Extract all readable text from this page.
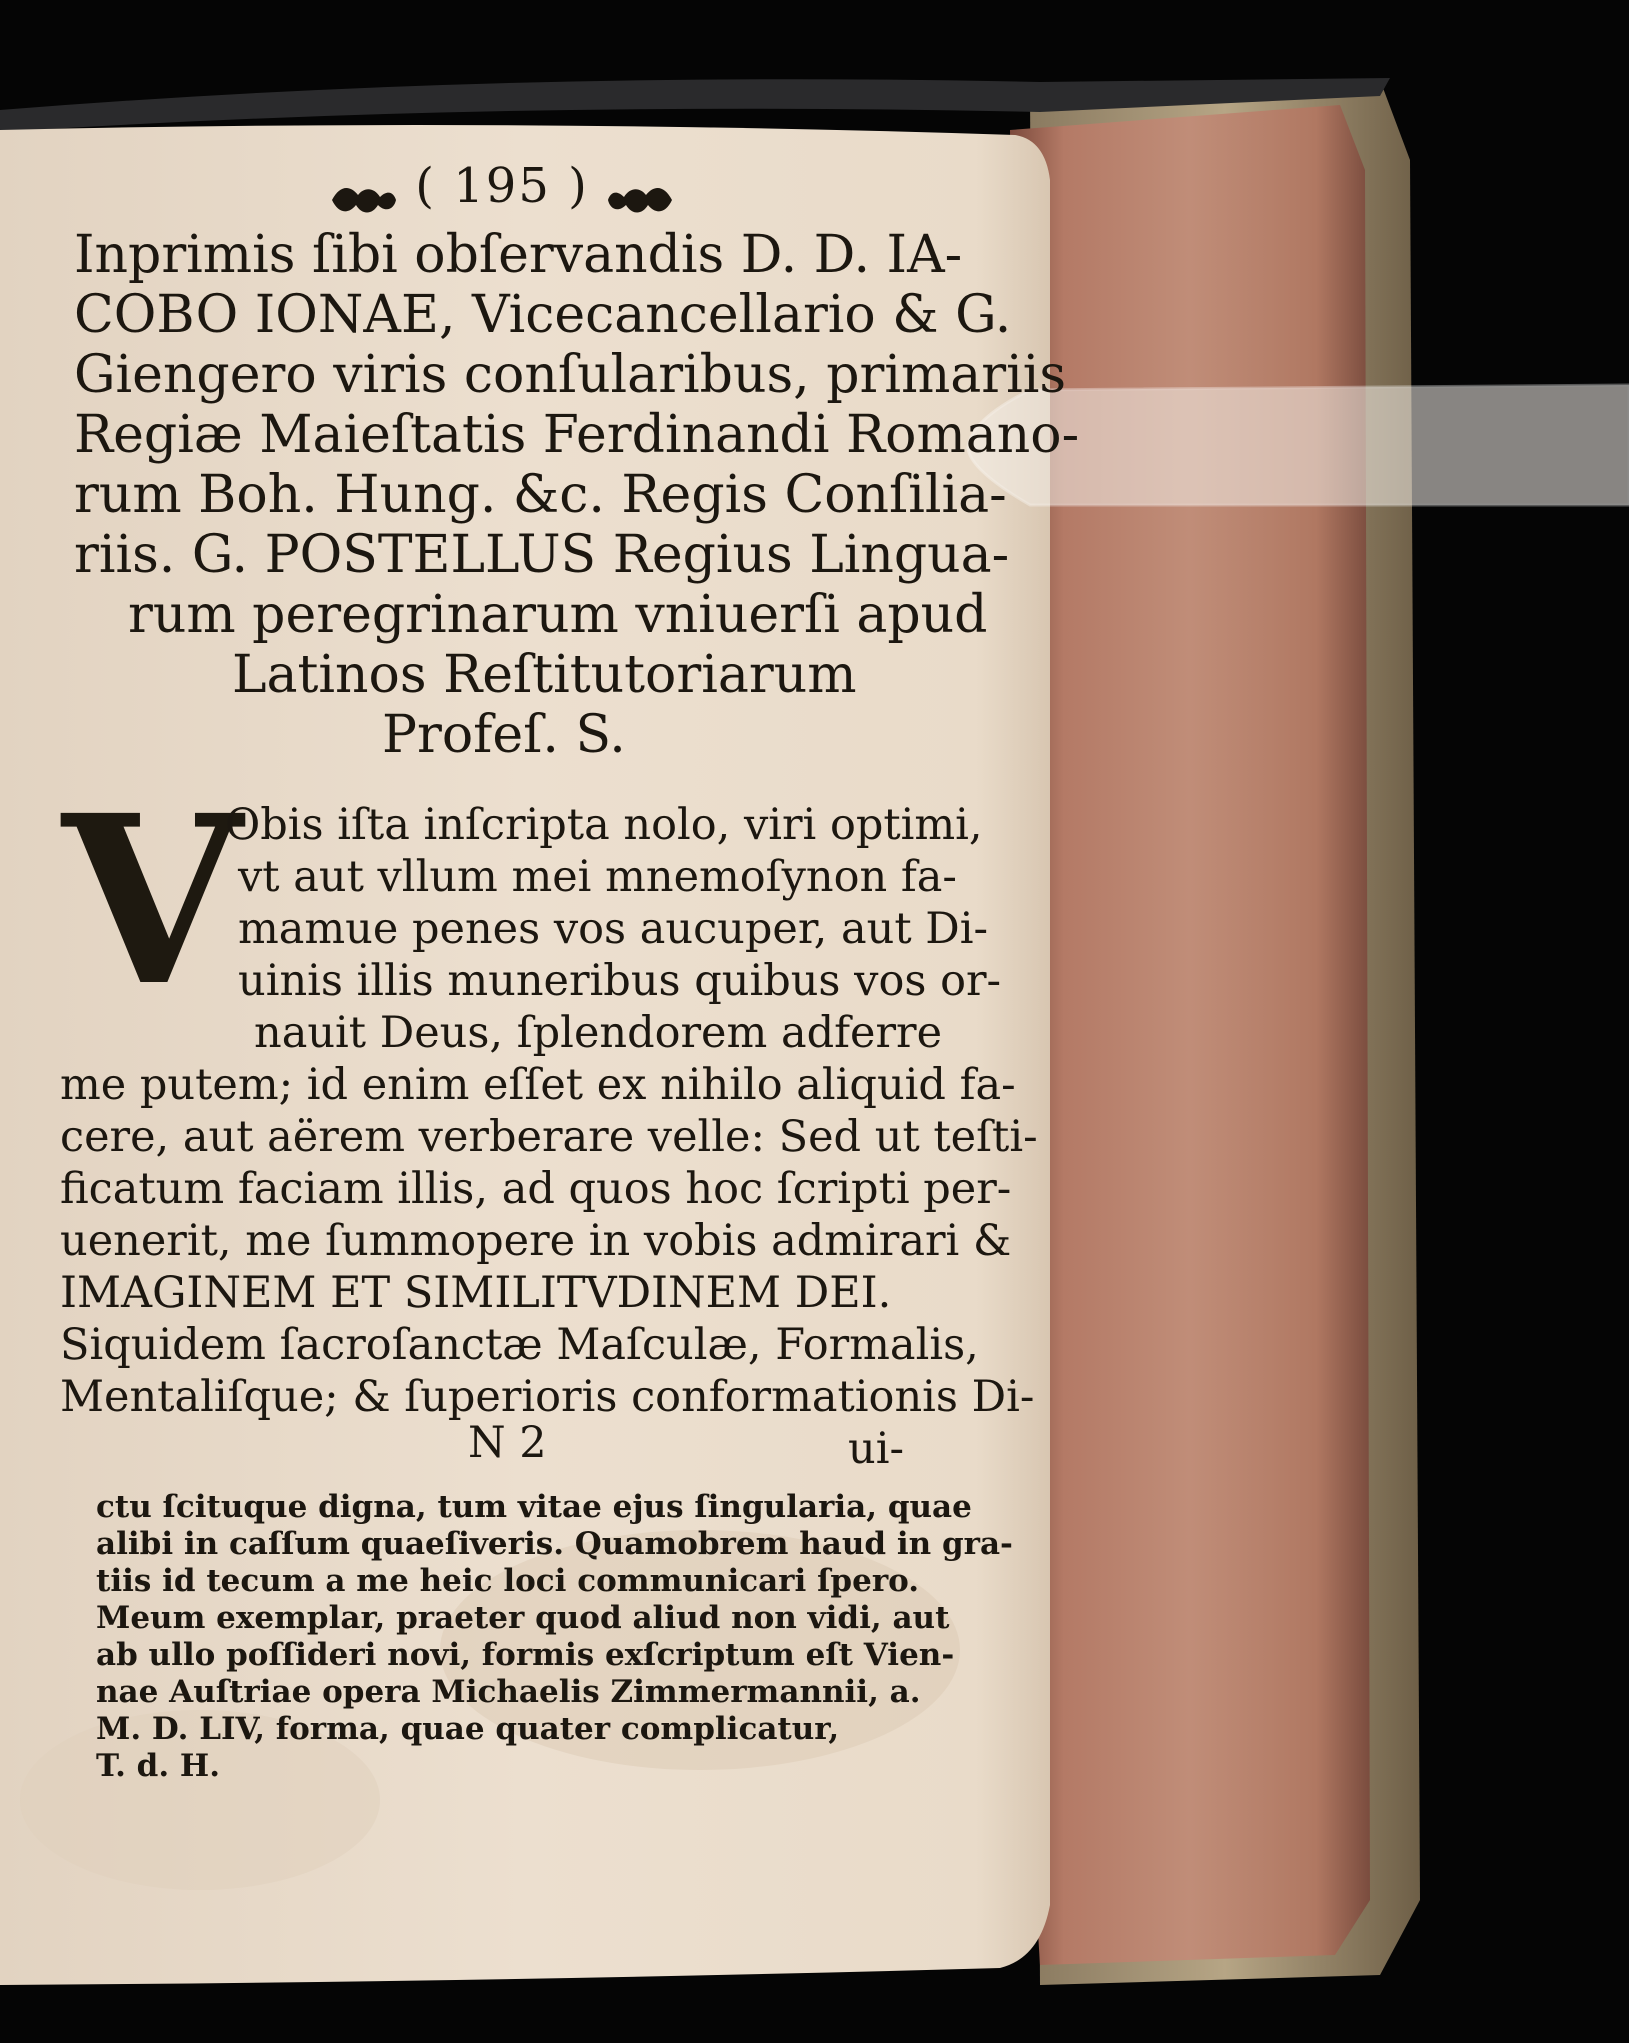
( 195 )
Inprimis ſibi obſervandis D. D. IA-
COBO IONAE, Vicecancellario & G.
Giengero viris conſularibus, primariis
Regiæ Maieſtatis Ferdinandi Romano-
rum Boh. Hung. &c. Regis Conſilia-
riis. G. POSTELLUS Regius Lingua-
rum peregrinarum vniuerſi apud
Latinos Reſtitutoriarum
Profeſ. S.
V
Obis iſta inſcripta nolo, viri optimi,
vt aut vllum mei mnemoſynon fa-
mamue penes vos aucuper, aut Di-
uinis illis muneribus quibus vos or-
nauit Deus, ſplendorem adferre
me putem; id enim eſſet ex nihilo aliquid fa-
cere, aut aërem verberare velle: Sed ut teſti-
ficatum faciam illis, ad quos hoc ſcripti per-
uenerit, me ſummopere in vobis admirari &
IMAGINEM ET SIMILITVDINEM DEI.
Siquidem ſacroſanctæ Maſculæ, Formalis,
Mentaliſque; & ſuperioris conformationis Di-
N 2	ui-
ctu ſcituque digna, tum vitae ejus ſingularia, quae
alibi in caſſum quaeſiveris. Quamobrem haud in gra-
tiis id tecum a me heic loci communicari ſpero.
Meum exemplar, praeter quod aliud non vidi, aut
ab ullo poſſideri novi, formis exſcriptum eſt Vien-
nae Auſtriae opera Michaelis Zimmermannii, a.
M. D. LIV, forma, quae quater complicatur,
T. d. H.
